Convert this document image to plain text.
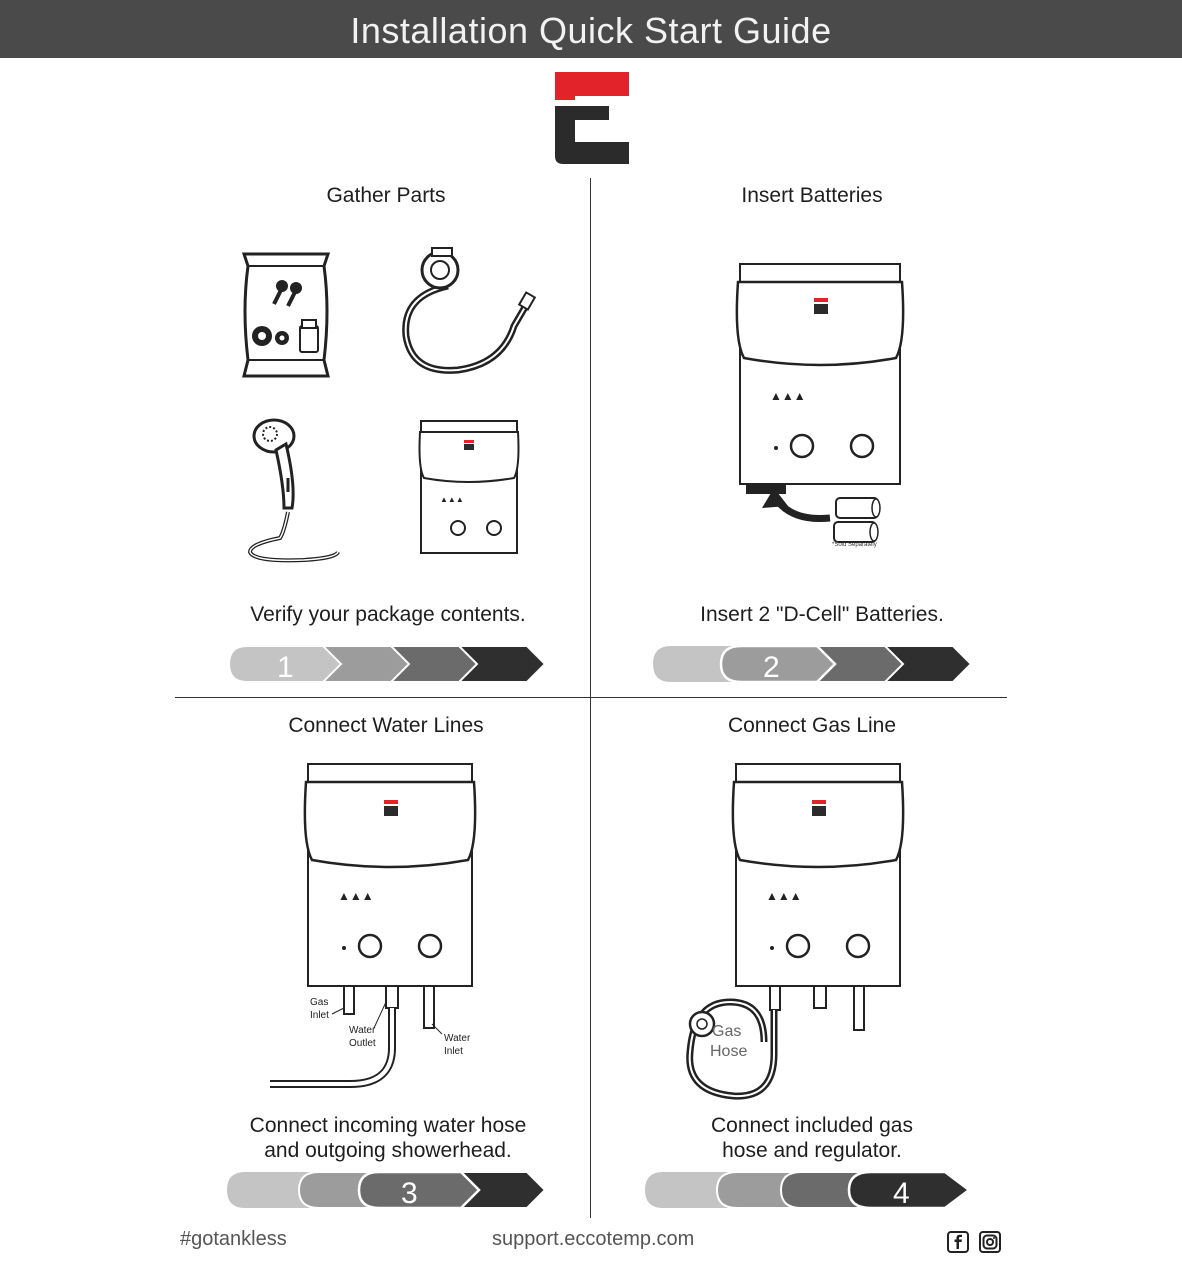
Installation Quick Start Guide
Gather Parts	Insert Batteries
Connect Water Lines	Connect Gas Line
▲▲▲
▲▲▲
*Sold Separately
▲▲▲
Gas
Inlet
Water
Outlet	Water
Inlet
▲▲▲
Gas
Hose
Verify your package contents.	Insert 2 "D-Cell" Batteries.
Connect incoming water hose
and outgoing showerhead.
Connect included gas
hose and regulator.
1	2
3	4
#gotankless	support.eccotemp.com
